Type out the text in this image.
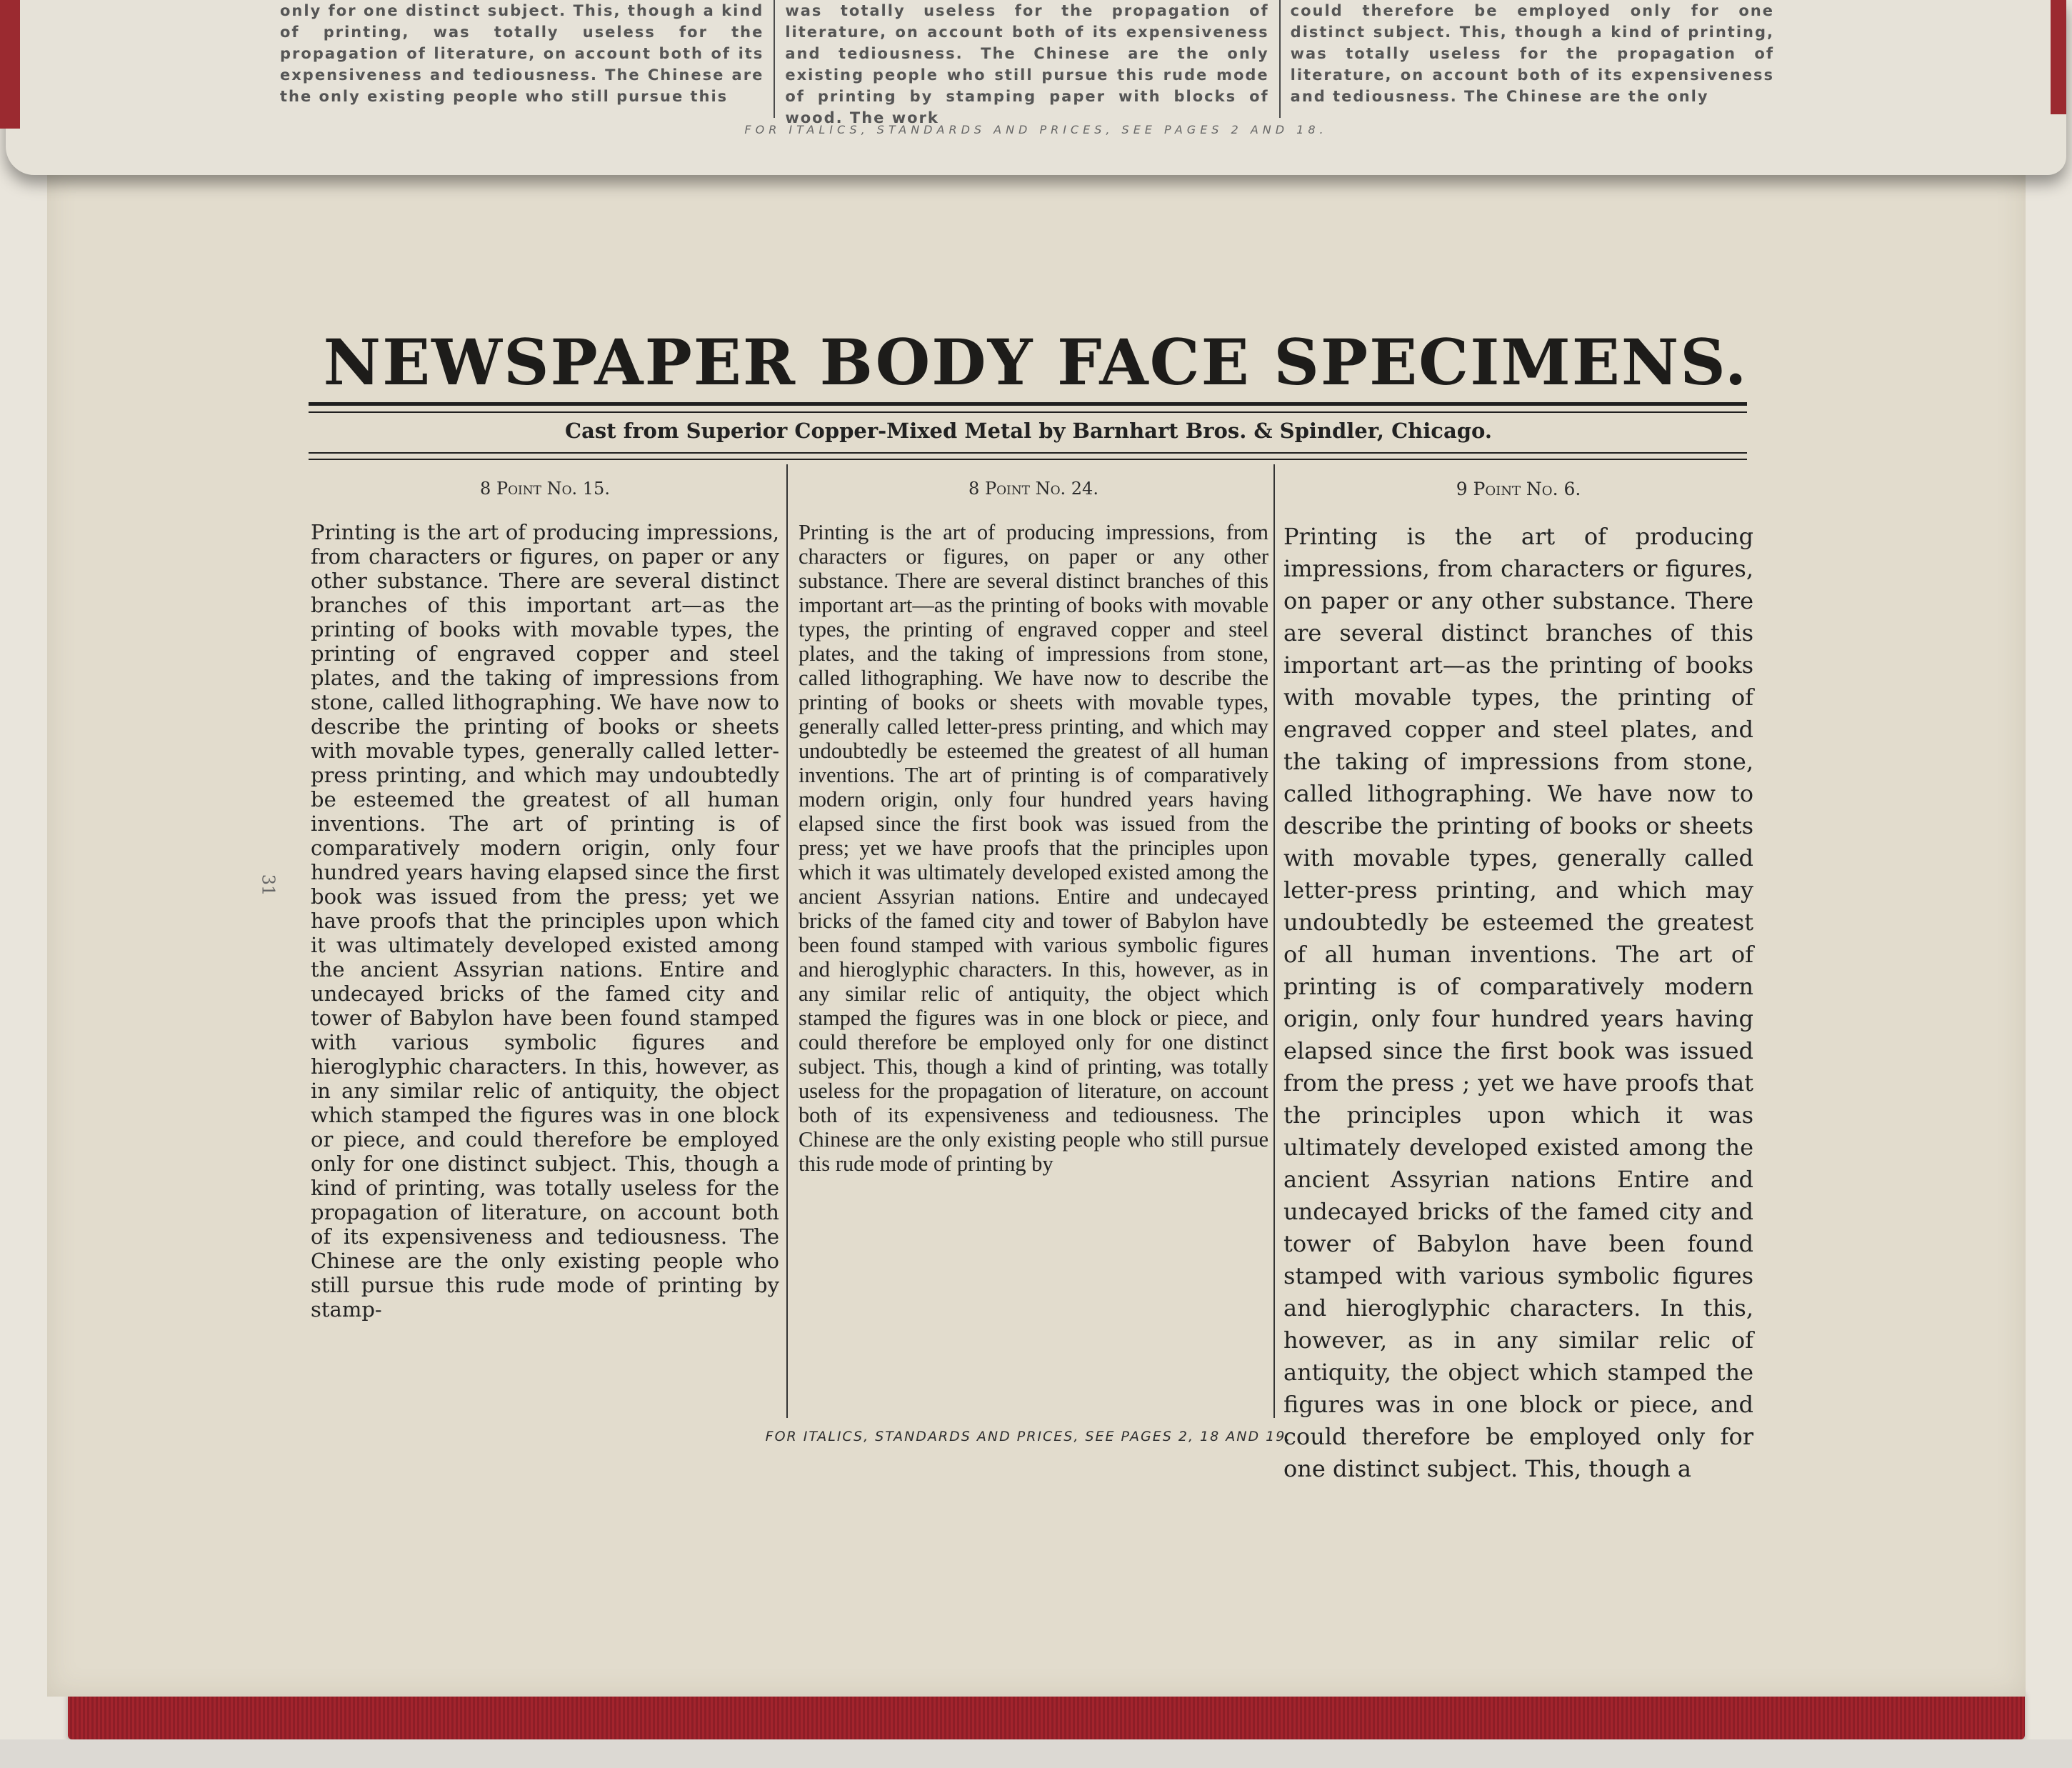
only for one distinct subject. This, though a kind of printing, was totally useless for the propagation of literature, on account both of its expensiveness and tediousness. The Chinese are the only existing people who still pursue this

was totally useless for the propagation of literature, on account both of its expensiveness and tediousness. The Chinese are the only existing people who still pursue this rude mode of printing by stamping paper with blocks of wood. The work

could therefore be employed only for one distinct subject. This, though a kind of printing, was totally useless for the propagation of literature, on account both of its expensiveness and tediousness. The Chinese are the only

FOR ITALICS, STANDARDS AND PRICES, SEE PAGES 2 AND 18.
NEWSPAPER BODY FACE SPECIMENS.
Cast from Superior Copper-Mixed Metal by Barnhart Bros. & Spindler, Chicago.
31
8 Point No. 15.

Printing is the art of producing impressions, from characters or figures, on paper or any other substance. There are several distinct branches of this important art—as the printing of books with movable types, the printing of engraved copper and steel plates, and the taking of impressions from stone, called lithographing. We have now to describe the printing of books or sheets with movable types, generally called letter-press printing, and which may undoubtedly be esteemed the greatest of all human inventions. The art of printing is of comparatively modern origin, only four hundred years having elapsed since the first book was issued from the press; yet we have proofs that the principles upon which it was ultimately developed existed among the ancient Assyrian nations. Entire and undecayed bricks of the famed city and tower of Babylon have been found stamped with various symbolic figures and hieroglyphic characters. In this, however, as in any similar relic of antiquity, the object which stamped the figures was in one block or piece, and could therefore be employed only for one distinct subject. This, though a kind of printing, was totally useless for the propagation of literature, on account both of its expensiveness and tediousness. The Chinese are the only existing people who still pursue this rude mode of printing by stamp-

8 Point No. 24.

Printing is the art of producing impressions, from characters or figures, on paper or any other substance. There are several distinct branches of this important art—as the printing of books with movable types, the printing of engraved copper and steel plates, and the taking of impressions from stone, called lithographing. We have now to describe the printing of books or sheets with movable types, generally called letter-press printing, and which may undoubtedly be esteemed the greatest of all human inventions. The art of printing is of comparatively modern origin, only four hundred years having elapsed since the first book was issued from the press; yet we have proofs that the principles upon which it was ultimately developed existed among the ancient Assyrian nations. Entire and undecayed bricks of the famed city and tower of Babylon have been found stamped with various symbolic figures and hieroglyphic characters. In this, however, as in any similar relic of antiquity, the object which stamped the figures was in one block or piece, and could therefore be employed only for one distinct subject. This, though a kind of printing, was totally useless for the propagation of literature, on account both of its expensiveness and tediousness. The Chinese are the only existing people who still pursue this rude mode of printing by

9 Point No. 6.

Printing is the art of producing impressions, from characters or figures, on paper or any other substance. There are several distinct branches of this important art—as the printing of books with movable types, the printing of engraved copper and steel plates, and the taking of impressions from stone, called lithographing. We have now to describe the printing of books or sheets with movable types, generally called letter-press printing, and which may undoubtedly be esteemed the greatest of all human inventions. The art of printing is of comparatively modern origin, only four hundred years having elapsed since the first book was issued from the press ; yet we have proofs that the principles upon which it was ultimately developed existed among the ancient Assyrian nations Entire and undecayed bricks of the famed city and tower of Babylon have been found stamped with various symbolic figures and hieroglyphic characters. In this, however, as in any similar relic of antiquity, the object which stamped the figures was in one block or piece, and could therefore be employed only for one distinct subject. This, though a

FOR ITALICS, STANDARDS AND PRICES, SEE PAGES 2, 18 AND 19.
